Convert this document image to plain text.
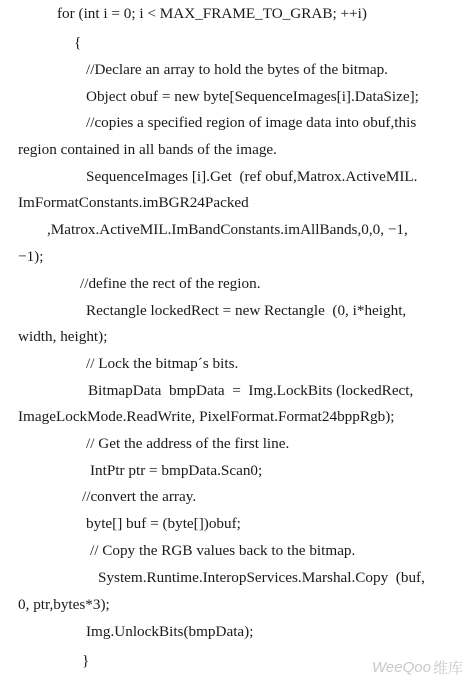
for (int i = 0; i < MAX_FRAME_TO_GRAB; ++i)
{
//Declare an array to hold the bytes of the bitmap.
Object obuf = new byte[SequenceImages[i].DataSize];
//copies a specified region of image data into obuf,this
region contained in all bands of the image.
SequenceImages [i].Get  (ref obuf,Matrox.ActiveMIL.
ImFormatConstants.imBGR24Packed
,Matrox.ActiveMIL.ImBandConstants.imAllBands,0,0, −1,
−1);
//define the rect of the region.
Rectangle lockedRect = new Rectangle  (0, i*height,
width, height);
// Lock the bitmap´s bits.
BitmapData  bmpData  =  Img.LockBits (lockedRect,
ImageLockMode.ReadWrite, PixelFormat.Format24bppRgb);
// Get the address of the first line.
IntPtr ptr = bmpData.Scan0;
//convert the array.
byte[] buf = (byte[])obuf;
// Copy the RGB values back to the bitmap.
System.Runtime.InteropServices.Marshal.Copy  (buf,
0, ptr,bytes*3);
Img.UnlockBits(bmpData);
}	WeeQoo 维库
